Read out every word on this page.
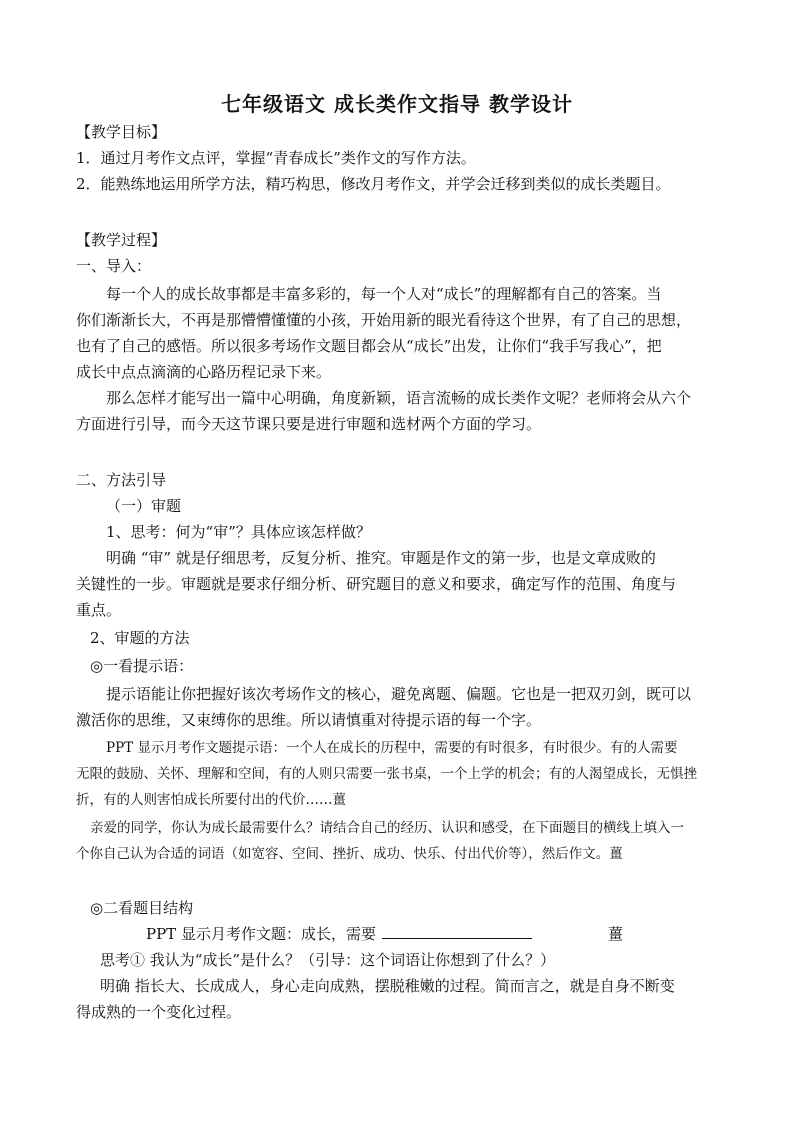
七年级语文 成长类作文指导 教学设计
【教学目标】
1．通过月考作文点评，掌握“青春成长”类作文的写作方法。
2．能熟练地运用所学方法，精巧构思，修改月考作文，并学会迁移到类似的成长类题目。
【教学过程】
一、导入：
每一个人的成长故事都是丰富多彩的，每一个人对“成长”的理解都有自己的答案。当
你们渐渐长大，不再是那懵懵懂懂的小孩，开始用新的眼光看待这个世界，有了自己的思想，
也有了自己的感悟。所以很多考场作文题目都会从“成长”出发，让你们“我手写我心”，把
成长中点点滴滴的心路历程记录下来。
那么怎样才能写出一篇中心明确，角度新颖，语言流畅的成长类作文呢？老师将会从六个
方面进行引导，而今天这节课只要是进行审题和选材两个方面的学习。
二、方法引导
（一）审题
1、思考：何为“审”？具体应该怎样做？
明确 “审” 就是仔细思考，反复分析、推究。审题是作文的第一步，也是文章成败的
关键性的一步。审题就是要求仔细分析、研究题目的意义和要求，确定写作的范围、角度与
重点。
2、审题的方法
◎一看提示语：
提示语能让你把握好该次考场作文的核心，避免离题、偏题。它也是一把双刃剑，既可以
激活你的思维，又束缚你的思维。所以请慎重对待提示语的每一个字。
PPT 显示月考作文题提示语：一个人在成长的历程中，需要的有时很多，有时很少。有的人需要
无限的鼓励、关怀、理解和空间，有的人则只需要一张书桌，一个上学的机会；有的人渴望成长，无惧挫
折，有的人则害怕成长所要付出的代价……薑
亲爱的同学，你认为成长最需要什么？请结合自己的经历、认识和感受，在下面题目的横线上填入一
个你自己认为合适的词语（如宽容、空间、挫折、成功、快乐、付出代价等），然后作文。薑
◎二看题目结构
PPT 显示月考作文题：成长，需要	薑
思考① 我认为“成长”是什么？（引导：这个词语让你想到了什么？）
明确 指长大、长成成人，身心走向成熟，摆脱稚嫩的过程。简而言之，就是自身不断变
得成熟的一个变化过程。
